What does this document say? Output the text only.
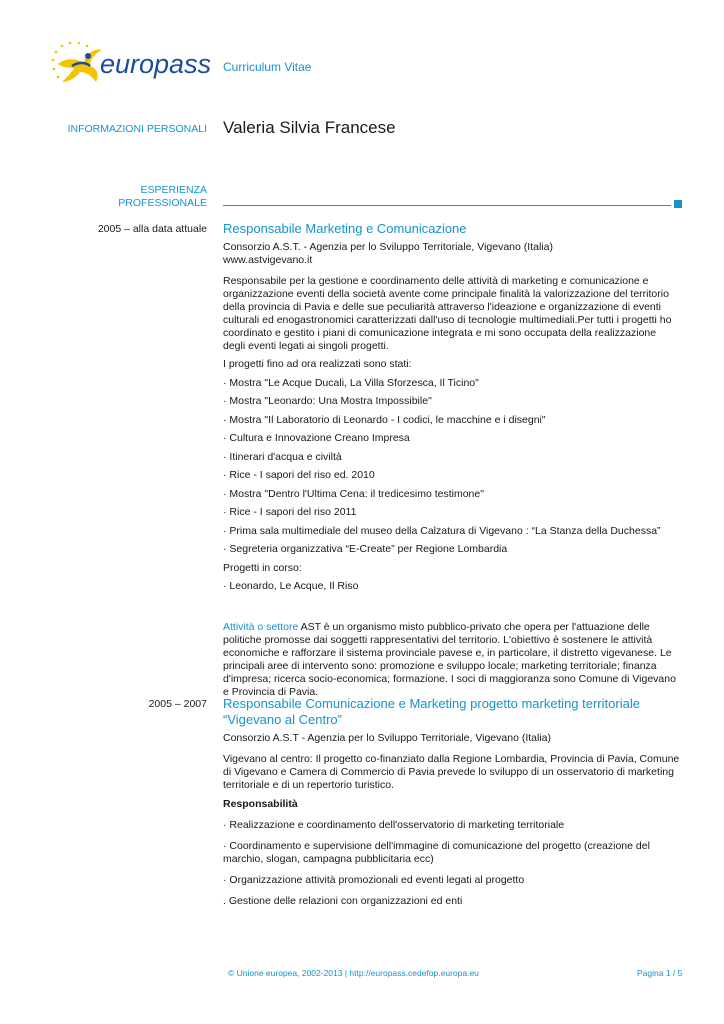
europass Curriculum Vitae
INFORMAZIONI PERSONALI Valeria Silvia Francese
ESPERIENZA PROFESSIONALE
2005 – alla data attuale Responsabile Marketing e Comunicazione
Consorzio A.S.T. - Agenzia per lo Sviluppo Territoriale, Vigevano (Italia)
www.astvigevano.it
Responsabile per la gestione e coordinamento delle attività di marketing e comunicazione e organizzazione eventi della società avente come principale finalità la valorizzazione del territorio della provincia di Pavia e delle sue peculiarità attraverso l'ideazione e organizzazione di eventi culturali ed enogastronomici caratterizzati dall'uso di tecnologie multimediali.Per tutti i progetti ho coordinato e gestito i piani di comunicazione integrata e mi sono occupata della realizzazione degli eventi legati ai singoli progetti.
I progetti fino ad ora realizzati sono stati:
· Mostra "Le Acque Ducali, La Villa Sforzesca, Il Ticino"
· Mostra "Leonardo: Una Mostra Impossibile"
· Mostra "Il Laboratorio di Leonardo - I codici, le macchine e i disegni"
· Cultura e Innovazione Creano Impresa
· Itinerari d'acqua e civiltà
· Rice - I sapori del riso ed. 2010
· Mostra "Dentro l'Ultima Cena: il tredicesimo testimone"
· Rice - I sapori del riso 2011
· Prima sala multimediale del museo della Calzatura di Vigevano : “La Stanza della Duchessa”
· Segreteria organizzativa “E-Create” per Regione Lombardia
Progetti in corso:
· Leonardo, Le Acque, Il Riso
Attività o settore AST è un organismo misto pubblico-privato che opera per l'attuazione delle politiche promosse dai soggetti rappresentativi del territorio. L'obiettivo è sostenere le attività economiche e rafforzare il sistema provinciale pavese e, in particolare, il distretto vigevanese. Le principali aree di intervento sono: promozione e sviluppo locale; marketing territoriale; finanza d'impresa; ricerca socio-economica; formazione. I soci di maggioranza sono Comune di Vigevano e Provincia di Pavia.
2005 – 2007 Responsabile Comunicazione e Marketing progetto marketing territoriale “Vigevano al Centro”
Consorzio A.S.T - Agenzia per lo Sviluppo Territoriale, Vigevano (Italia)
Vigevano al centro: Il progetto co-finanziato dalla Regione Lombardia, Provincia di Pavia, Comune di Vigevano e Camera di Commercio di Pavia prevede lo sviluppo di un osservatorio di marketing territoriale e di un repertorio turistico.
Responsabilità
· Realizzazione e coordinamento dell'osservatorio di marketing territoriale
· Coordinamento e supervisione dell'immagine di comunicazione del progetto (creazione del marchio, slogan, campagna pubblicitaria ecc)
· Organizzazione attività promozionali ed eventi legati al progetto
. Gestione delle relazioni con organizzazioni ed enti
© Unione europea, 2002-2013 | http://europass.cedefop.europa.eu	Pagina 1 / 5
